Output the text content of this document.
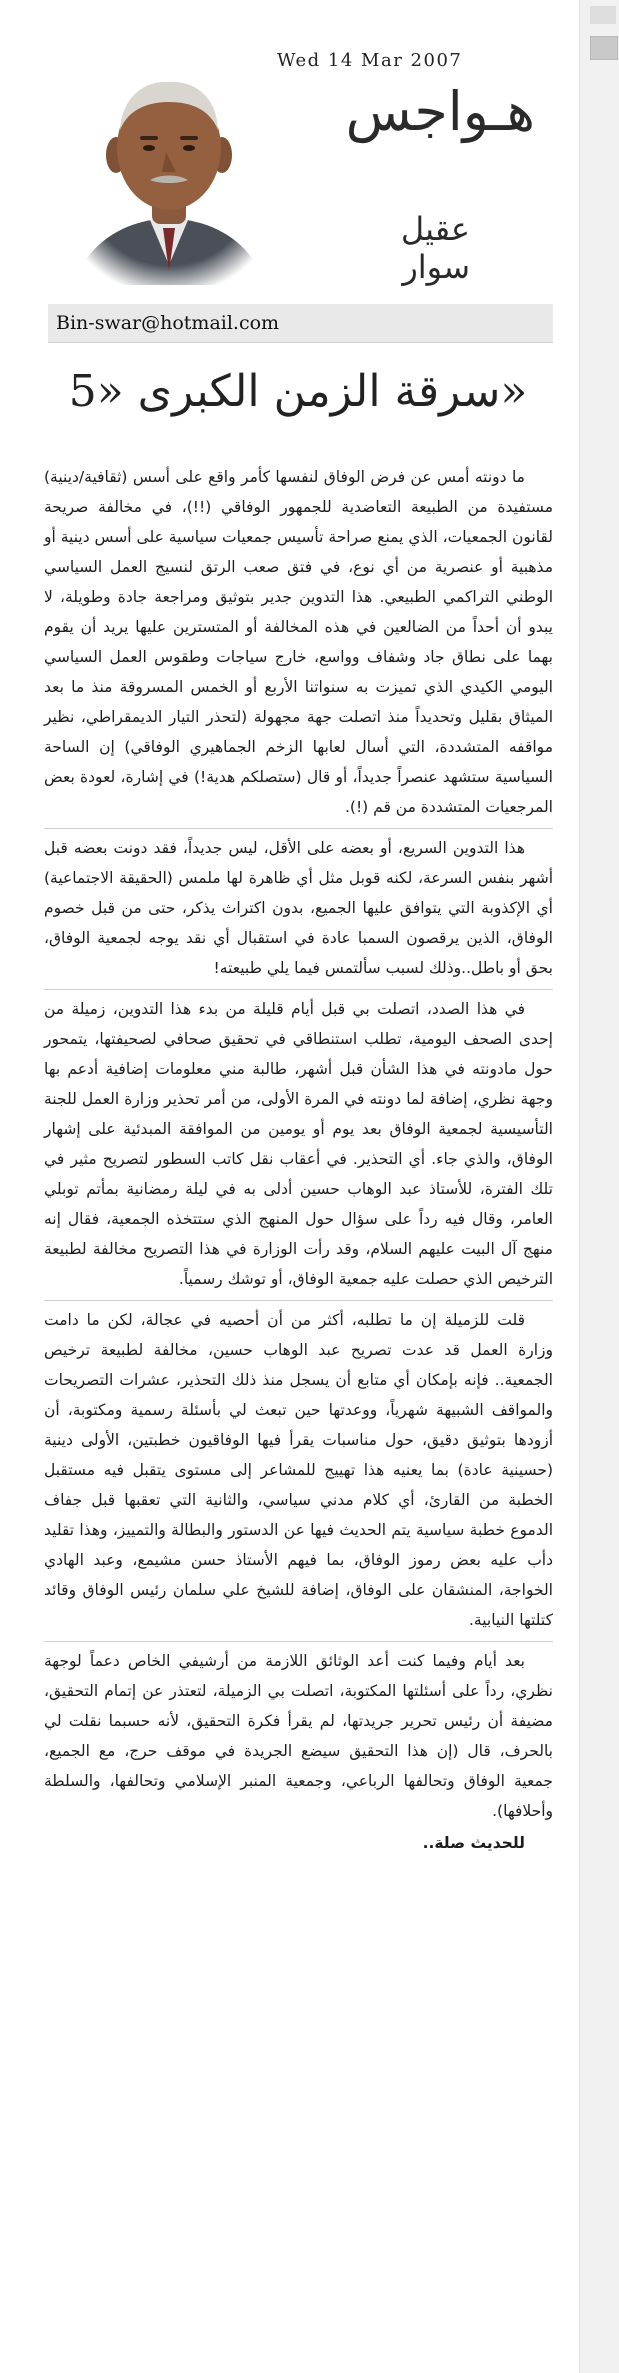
Wed 14 Mar 2007
هـواجس
عقيل سوار
Bin-swar@hotmail.com
سرقة الزمن الكبرى «5»

ما دونته أمس عن فرض الوفاق لنفسها كأمر واقع على أسس (ثقافية/دينية) مستفيدة من الطبيعة التعاضدية للجمهور الوفاقي (!!)، في مخالفة صريحة لقانون الجمعيات، الذي يمنع صراحة تأسيس جمعيات سياسية على أسس دينية أو مذهبية أو عنصرية من أي نوع، في فتق صعب الرتق لنسيج العمل السياسي الوطني التراكمي الطبيعي. هذا التدوين جدير بتوثيق ومراجعة جادة وطويلة، لا يبدو أن أحداً من الضالعين في هذه المخالفة أو المتسترين عليها يريد أن يقوم بهما على نطاق جاد وشفاف وواسع، خارج سياجات وطقوس العمل السياسي اليومي الكيدي الذي تميزت به سنواتنا الأربع أو الخمس المسروقة منذ ما بعد الميثاق بقليل وتحديداً منذ اتصلت جهة مجهولة (لتحذر التيار الديمقراطي، نظير مواقفه المتشددة، التي أسال لعابها الزخم الجماهيري الوفاقي) إن الساحة السياسية ستشهد عنصراً جديداً، أو قال (ستصلكم هدية!) في إشارة، لعودة بعض المرجعيات المتشددة من قم (!).

هذا التدوين السريع، أو بعضه على الأقل، ليس جديداً، فقد دونت بعضه قبل أشهر بنفس السرعة، لكنه قوبل مثل أي ظاهرة لها ملمس (الحقيقة الاجتماعية) أي الإكذوبة التي يتوافق عليها الجميع، بدون اكتراث يذكر، حتى من قبل خصوم الوفاق، الذين يرقصون السمبا عادة في استقبال أي نقد يوجه لجمعية الوفاق، بحق أو باطل..وذلك لسبب سألتمس فيما يلي طبيعته!

في هذا الصدد، اتصلت بي قبل أيام قليلة من بدء هذا التدوين، زميلة من إحدى الصحف اليومية، تطلب استنطاقي في تحقيق صحافي لصحيفتها، يتمحور حول مادونته في هذا الشأن قبل أشهر، طالبة مني معلومات إضافية أدعم بها وجهة نظري، إضافة لما دونته في المرة الأولى، من أمر تحذير وزارة العمل للجنة التأسيسية لجمعية الوفاق بعد يوم أو يومين من الموافقة المبدئية على إشهار الوفاق، والذي جاء. أي التحذير. في أعقاب نقل كاتب السطور لتصريح مثير في تلك الفترة، للأستاذ عبد الوهاب حسين أدلى به في ليلة رمضانية بمأتم توبلي العامر، وقال فيه رداً على سؤال حول المنهج الذي ستتخذه الجمعية، فقال إنه منهج آل البيت عليهم السلام، وقد رأت الوزارة في هذا التصريح مخالفة لطبيعة الترخيص الذي حصلت عليه جمعية الوفاق، أو توشك رسمياً.

قلت للزميلة إن ما تطلبه، أكثر من أن أحصيه في عجالة، لكن ما دامت وزارة العمل قد عدت تصريح عبد الوهاب حسين، مخالفة لطبيعة ترخيص الجمعية.. فإنه بإمكان أي متابع أن يسجل منذ ذلك التحذير، عشرات التصريحات والمواقف الشبيهة شهرياً، ووعدتها حين تبعث لي بأسئلة رسمية ومكتوبة، أن أزودها بتوثيق دقيق، حول مناسبات يقرأ فيها الوفاقيون خطبتين، الأولى دينية (حسينية عادة) بما يعنيه هذا تهييج للمشاعر إلى مستوى يتقبل فيه مستقبل الخطبة من القارئ، أي كلام مدني سياسي، والثانية التي تعقبها قبل جفاف الدموع خطبة سياسية يتم الحديث فيها عن الدستور والبطالة والتمييز، وهذا تقليد دأب عليه بعض رموز الوفاق، بما فيهم الأستاذ حسن مشيمع، وعبد الهادي الخواجة، المنشقان على الوفاق، إضافة للشيخ علي سلمان رئيس الوفاق وقائد كتلتها النيابية.

بعد أيام وفيما كنت أعد الوثائق اللازمة من أرشيفي الخاص دعماً لوجهة نظري، رداً على أسئلتها المكتوبة، اتصلت بي الزميلة، لتعتذر عن إتمام التحقيق، مضيفة أن رئيس تحرير جريدتها، لم يقرأ فكرة التحقيق، لأنه حسبما نقلت لي بالحرف، قال (إن هذا التحقيق سيضع الجريدة في موقف حرج، مع الجميع، جمعية الوفاق وتحالفها الرباعي، وجمعية المنبر الإسلامي وتحالفها، والسلطة وأحلافها).

للحديث صلة..
